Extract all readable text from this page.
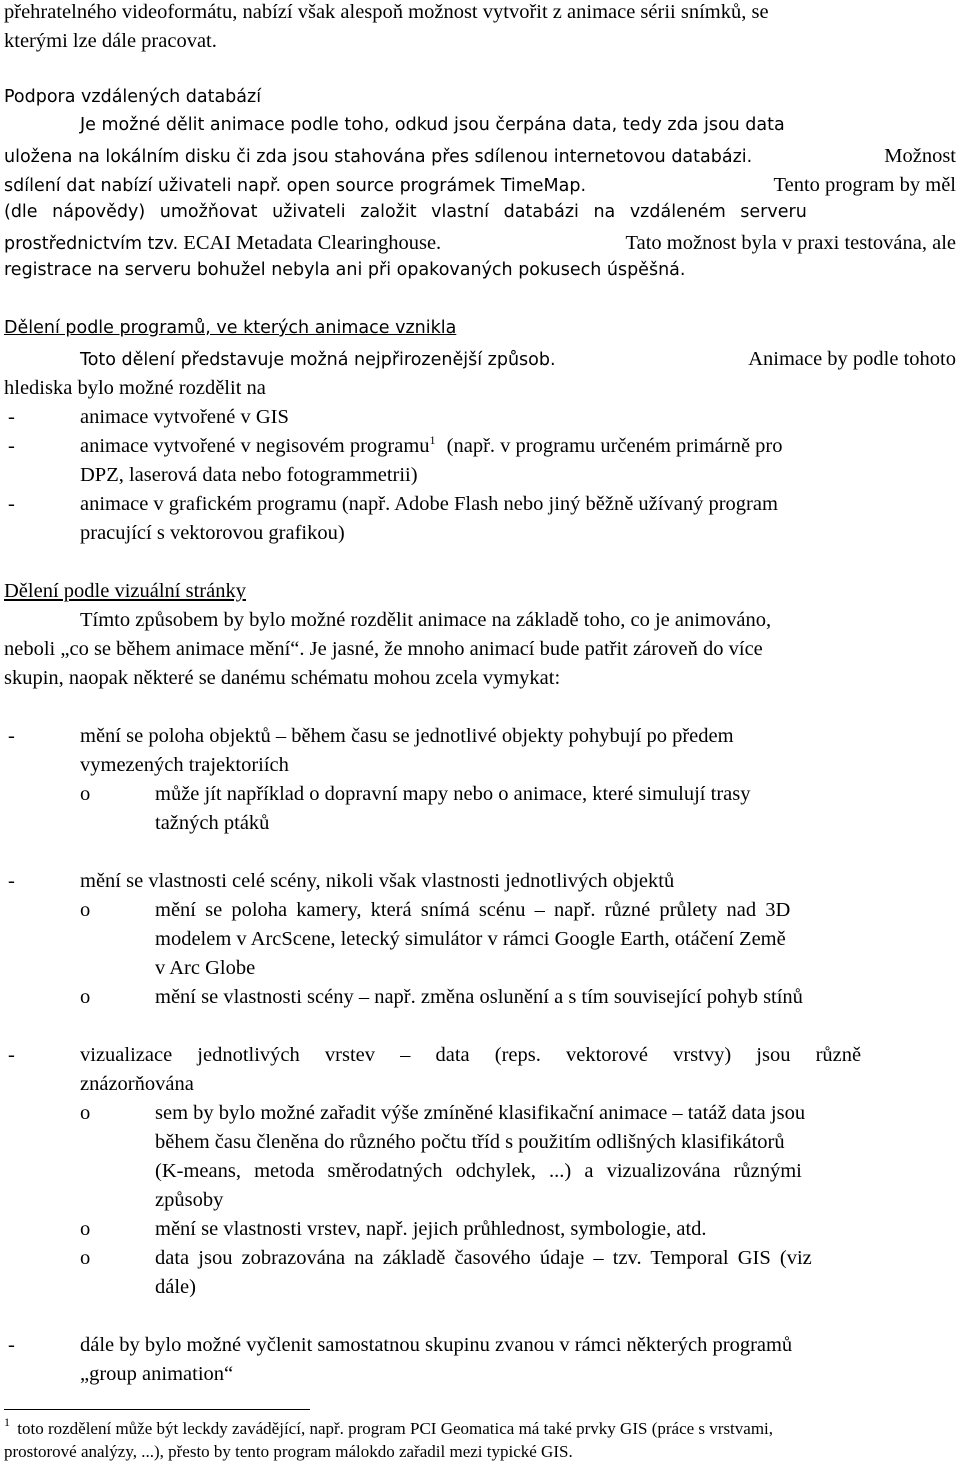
přehratelného videoformátu, nabízí však alespoň možnost vytvořit z animace sérii snímků, se
kterými lze dále pracovat.
Podpora vzdálených databází
Je možné dělit animace podle toho, odkud jsou čerpána data, tedy zda jsou data
uložena na lokálním disku či zda jsou stahována přes sdílenou internetovou databázi.	Možnost
sdílení dat nabízí uživateli např. open source prográmek TimeMap.	Tento program by měl
(dle nápovědy) umožňovat uživateli založit vlastní databázi na vzdáleném serveru
prostřednictvím tzv. ECAI Metadata Clearinghouse.	Tato možnost byla v praxi testována, ale
registrace na serveru bohužel nebyla ani při opakovaných pokusech úspěšná.
Dělení podle programů, ve kterých animace vznikla
Toto dělení představuje možná nejpřirozenější způsob.	Animace by podle tohoto
hlediska bylo možné rozdělit na
-	animace vytvořené v GIS
-	animace vytvořené v negisovém programu$^1$ (např. v programu určeném primárně pro
DPZ, laserová data nebo fotogrammetrii)
-	animace v grafickém programu (např. Adobe Flash nebo jiný běžně užívaný program
pracující s vektorovou grafikou)
Dělení podle vizuální stránky
Tímto způsobem by bylo možné rozdělit animace na základě toho, co je animováno,
neboli „co se během animace mění“. Je jasné, že mnoho animací bude patřit zároveň do více
skupin, naopak některé se danému schématu mohou zcela vymykat:
-	mění se poloha objektů – během času se jednotlivé objekty pohybují po předem
vymezených trajektoriích
o	může jít například o dopravní mapy nebo o animace, které simulují trasy
tažných ptáků
-	mění se vlastnosti celé scény, nikoli však vlastnosti jednotlivých objektů
o	mění se poloha kamery, která snímá scénu – např. různé průlety nad 3D
modelem v ArcScene, letecký simulátor v rámci Google Earth, otáčení Země
v Arc Globe
o	mění se vlastnosti scény – např. změna oslunění a s tím související pohyb stínů
-	vizualizace jednotlivých vrstev – data (reps. vektorové vrstvy) jsou různě
znázorňována
o	sem by bylo možné zařadit výše zmíněné klasifikační animace – tatáž data jsou
během času členěna do různého počtu tříd s použitím odlišných klasifikátorů
(K-means, metoda směrodatných odchylek, ...) a vizualizována různými
způsoby
o	mění se vlastnosti vrstev, např. jejich průhlednost, symbologie, atd.
o	data jsou zobrazována na základě časového údaje – tzv. Temporal GIS (viz
dále)
-	dále by bylo možné vyčlenit samostatnou skupinu zvanou v rámci některých programů
„group animation“
$^1$ toto rozdělení může být leckdy zavádějící, např. program PCI Geomatica má také prvky GIS (práce s vrstvami,
prostorové analýzy, ...), přesto by tento program málokdo zařadil mezi typické GIS.
